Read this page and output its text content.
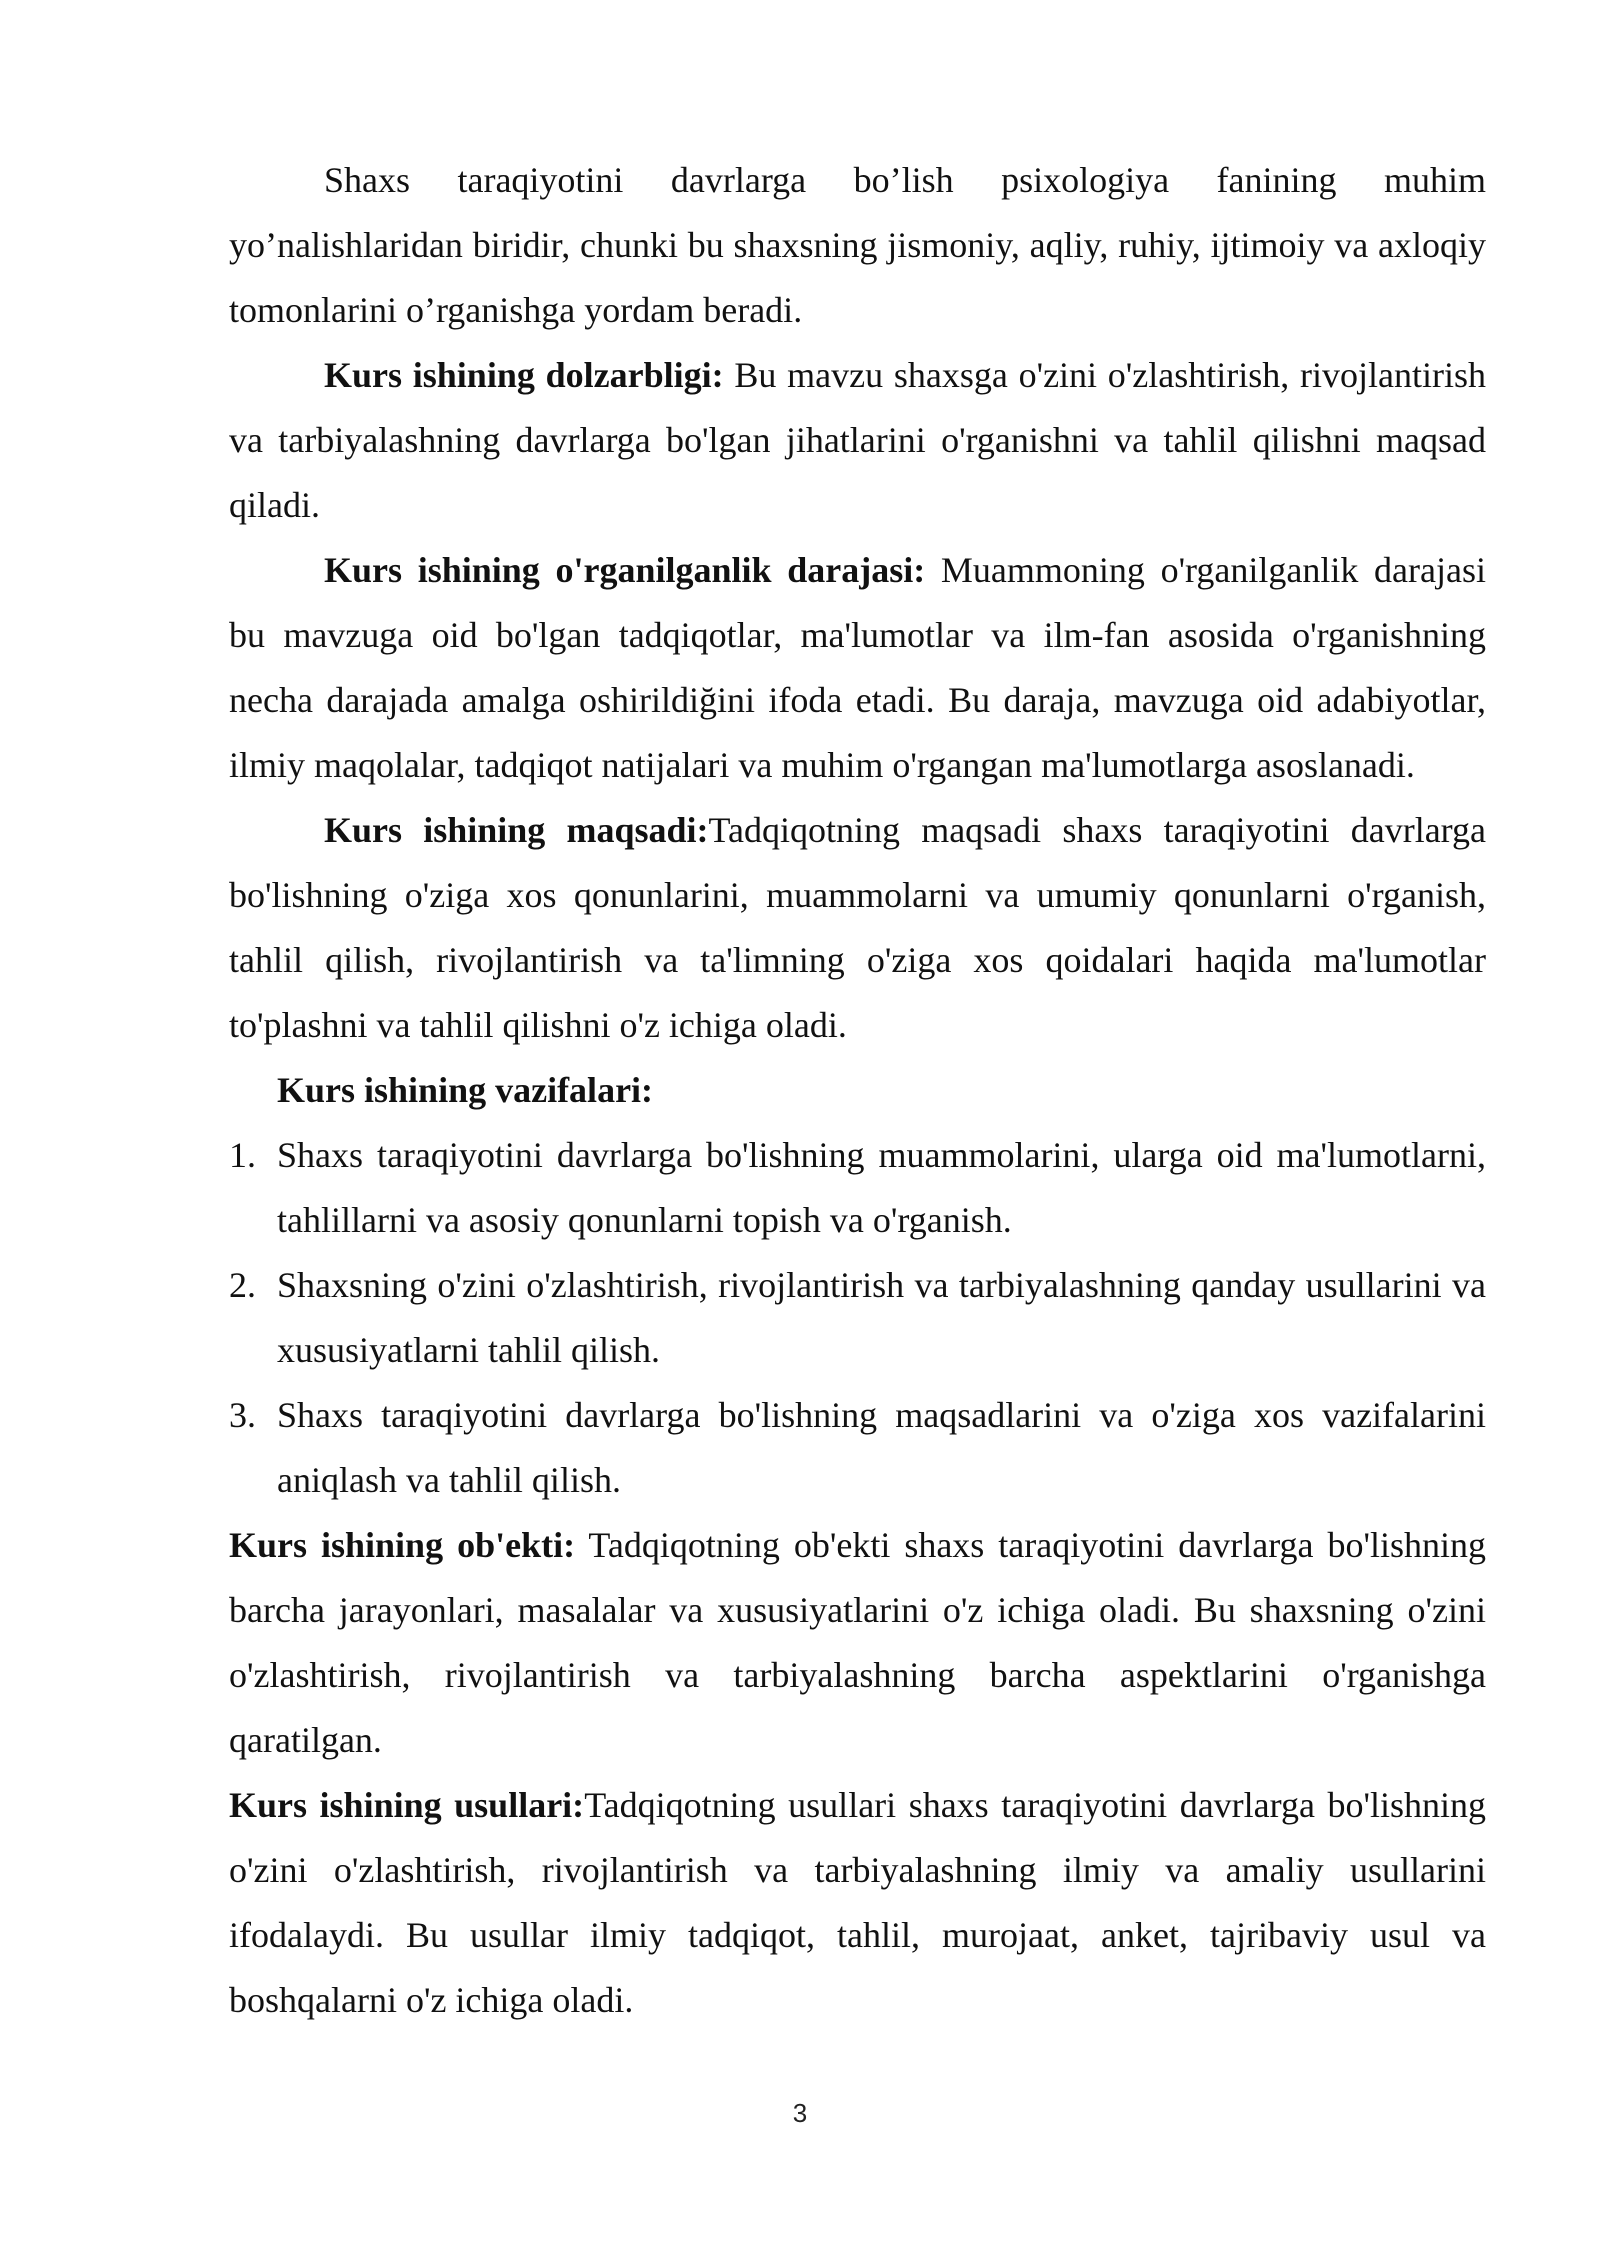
Shaxs taraqiyotini davrlarga bo’lish psixologiya fanining muhim yo’nalishlaridan biridir, chunki bu shaxsning jismoniy, aqliy, ruhiy, ijtimoiy va axloqiy tomonlarini o’rganishga yordam beradi.

Kurs ishining dolzarbligi: Bu mavzu shaxsga o'zini o'zlashtirish, rivojlantirish va tarbiyalashning davrlarga bo'lgan jihatlarini o'rganishni va tahlil qilishni maqsad qiladi.

Kurs ishining o'rganilganlik darajasi: Muammoning o'rganilganlik darajasi bu mavzuga oid bo'lgan tadqiqotlar, ma'lumotlar va ilm-fan asosida o'rganishning necha darajada amalga oshirildiğini ifoda etadi. Bu daraja, mavzuga oid adabiyotlar, ilmiy maqolalar, tadqiqot natijalari va muhim o'rgangan ma'lumotlarga asoslanadi.

Kurs ishining maqsadi:Tadqiqotning maqsadi shaxs taraqiyotini davrlarga bo'lishning o'ziga xos qonunlarini, muammolarni va umumiy qonunlarni o'rganish, tahlil qilish, rivojlantirish va ta'limning o'ziga xos qoidalari haqida ma'lumotlar to'plashni va tahlil qilishni o'z ichiga oladi.

Kurs ishining vazifalari:

1. Shaxs taraqiyotini davrlarga bo'lishning muammolarini, ularga oid ma'lumotlarni, tahlillarni va asosiy qonunlarni topish va o'rganish.
2. Shaxsning o'zini o'zlashtirish, rivojlantirish va tarbiyalashning qanday usullarini va xususiyatlarni tahlil qilish.
3. Shaxs taraqiyotini davrlarga bo'lishning maqsadlarini va o'ziga xos vazifalarini aniqlash va tahlil qilish.

Kurs ishining ob'ekti: Tadqiqotning ob'ekti shaxs taraqiyotini davrlarga bo'lishning barcha jarayonlari, masalalar va xususiyatlarini o'z ichiga oladi. Bu shaxsning o'zini o'zlashtirish, rivojlantirish va tarbiyalashning barcha aspektlarini o'rganishga qaratilgan.

Kurs ishining usullari:Tadqiqotning usullari shaxs taraqiyotini davrlarga bo'lishning o'zini o'zlashtirish, rivojlantirish va tarbiyalashning ilmiy va amaliy usullarini ifodalaydi. Bu usullar ilmiy tadqiqot, tahlil, murojaat, anket, tajribaviy usul va boshqalarni o'z ichiga oladi.

3
